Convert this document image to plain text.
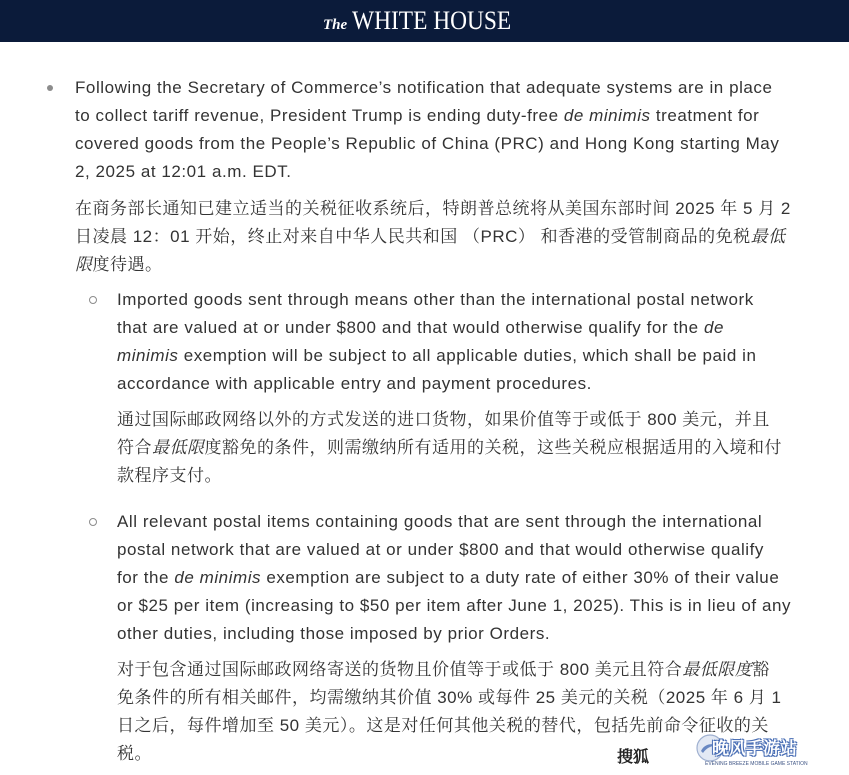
The WHITE HOUSE

Following the Secretary of Commerce’s notification that adequate systems are in place
to collect tariff revenue, President Trump is ending duty-free de minimis treatment for
covered goods from the People’s Republic of China (PRC) and Hong Kong starting May
2, 2025 at 12:01 a.m. EDT.

在商务部长通知已建立适当的关税征收系统后，特朗普总统将从美国东部时间 2025 年 5 月 2
日凌晨 12：01 开始，终止对来自中华人民共和国 （PRC） 和香港的受管制商品的免税最低
限度待遇。

Imported goods sent through means other than the international postal network
that are valued at or under $800 and that would otherwise qualify for the de
minimis exemption will be subject to all applicable duties, which shall be paid in
accordance with applicable entry and payment procedures.

通过国际邮政网络以外的方式发送的进口货物，如果价值等于或低于 800 美元，并且
符合最低限度豁免的条件，则需缴纳所有适用的关税，这些关税应根据适用的入境和付
款程序支付。

All relevant postal items containing goods that are sent through the international
postal network that are valued at or under $800 and that would otherwise qualify
for the de minimis exemption are subject to a duty rate of either 30% of their value
or $25 per item (increasing to $50 per item after June 1, 2025). This is in lieu of any
other duties, including those imposed by prior Orders.

对于包含通过国际邮政网络寄送的货物且价值等于或低于 800 美元且符合最低限度豁
免条件的所有相关邮件，均需缴纳其价值 30% 或每件 25 美元的关税（2025 年 6 月 1
日之后，每件增加至 50 美元）。这是对任何其他关税的替代，包括先前命令征收的关
税。	搜狐	晚风手游站
EVENING BREEZE MOBILE GAME STATION
